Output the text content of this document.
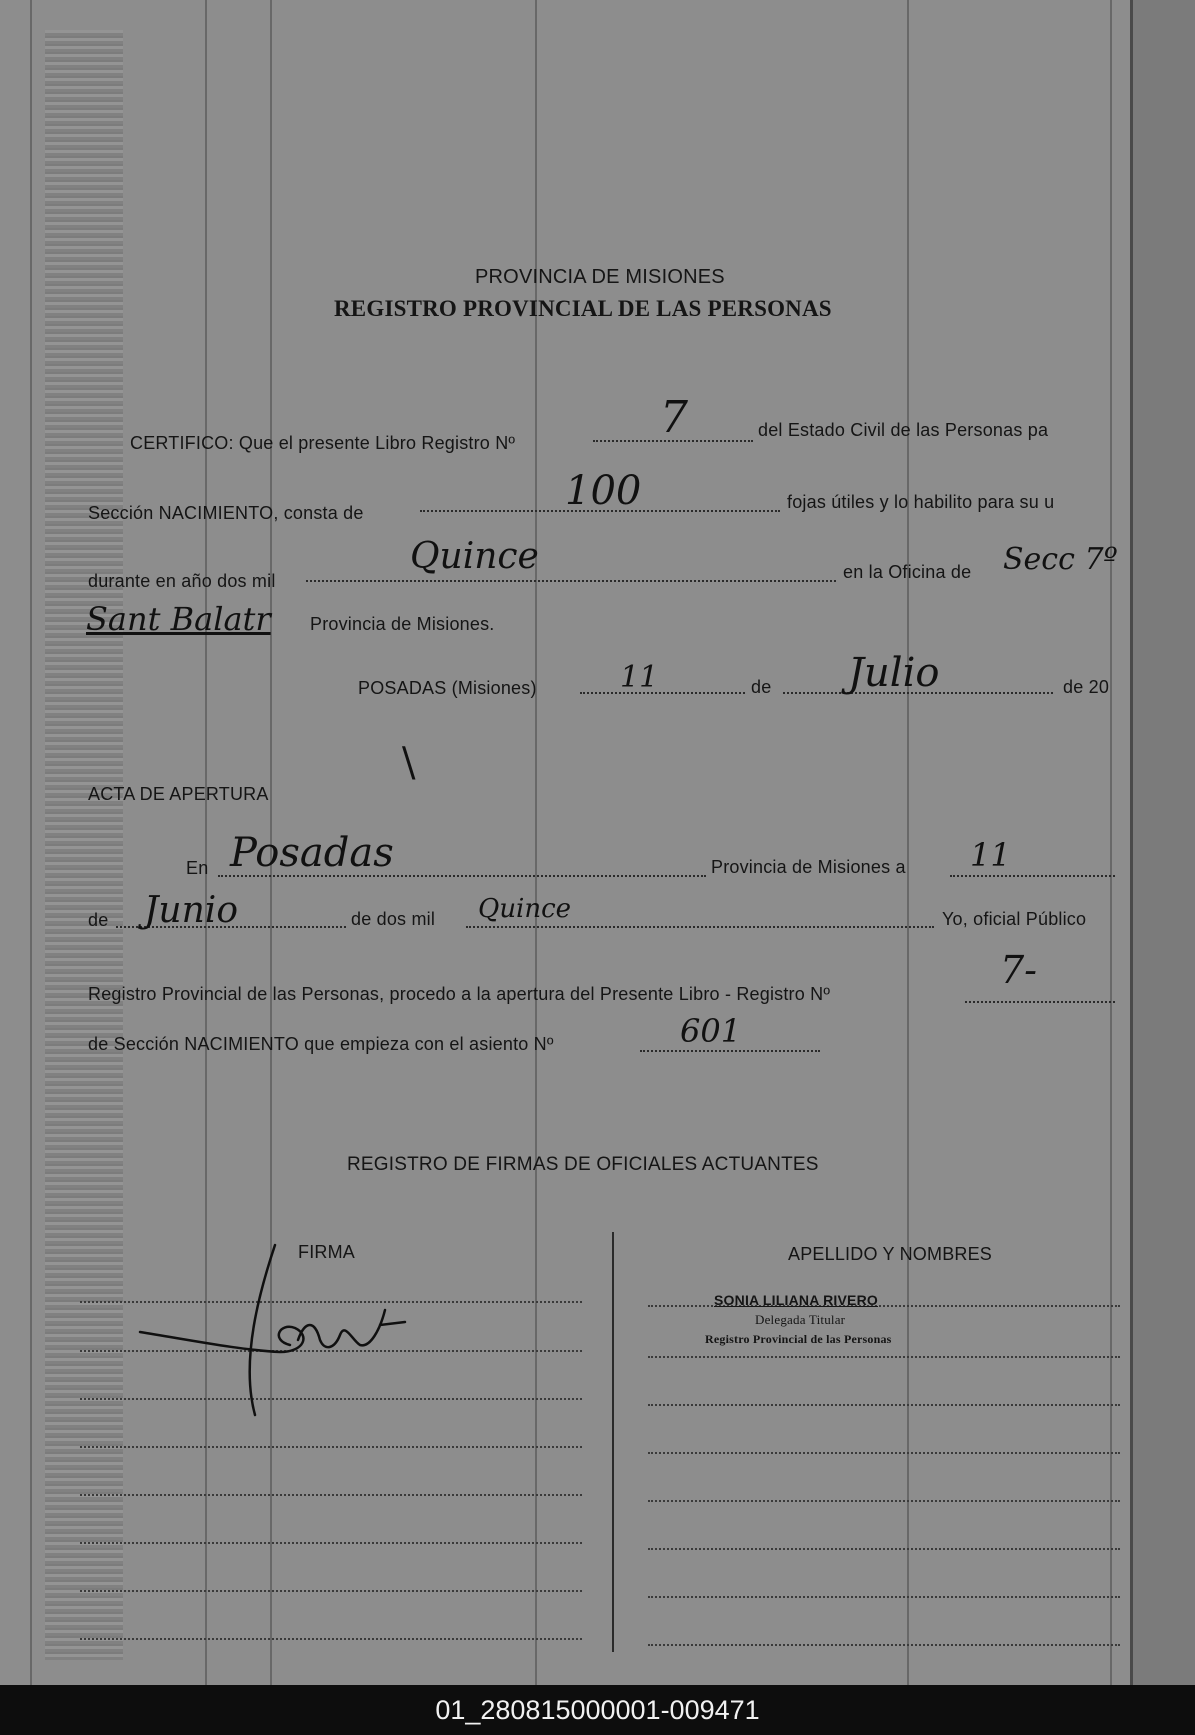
PROVINCIA DE MISIONES
REGISTRO PROVINCIAL DE LAS PERSONAS
CERTIFICO: Que el presente Libro Registro Nº	7	del Estado Civil de las Personas pa
Sección NACIMIENTO, consta de	100	fojas útiles y lo habilito para su u
durante en año dos mil
Quince	en la Oficina de Secc 7º
Sant Balatr Provincia de Misiones.
POSADAS (Misiones)	11	de Julio	de 20
\
ACTA DE APERTURA
En Posadas	Provincia de Misiones a 11
de Junio	de dos mil Quince	Yo, oficial Público
Registro Provincial de las Personas, procedo a la apertura del Presente Libro - Registro Nº
7-
de Sección NACIMIENTO que empieza con el asiento Nº	601
REGISTRO DE FIRMAS DE OFICIALES ACTUANTES
FIRMA	APELLIDO Y NOMBRES
SONIA LILIANA RIVERO
Delegada Titular
Registro Provincial de las Personas
01_280815000001-009471
